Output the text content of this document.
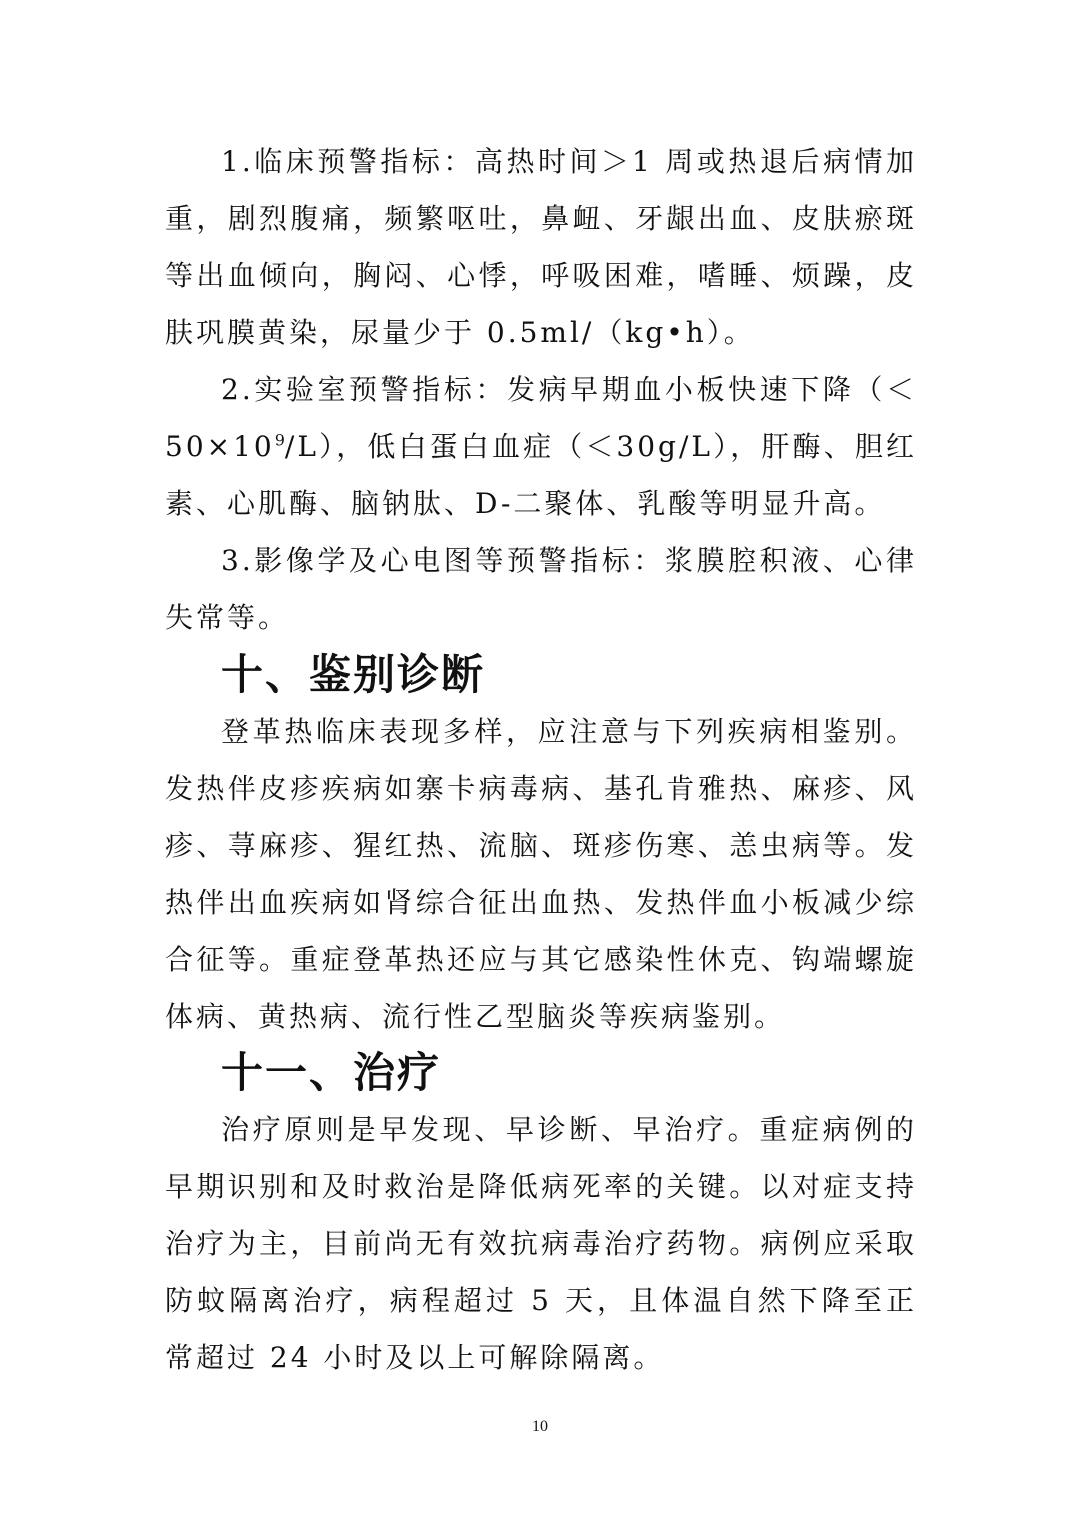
1.临床预警指标：高热时间＞1 周或热退后病情加重，剧烈腹痛，频繁呕吐，鼻衄、牙龈出血、皮肤瘀斑等出血倾向，胸闷、心悸，呼吸困难，嗜睡、烦躁，皮肤巩膜黄染，尿量少于 0.5ml/（kg•h）。

2.实验室预警指标：发病早期血小板快速下降$(<50\times 10^9/L)$，低白蛋白血症（＜30g/L），肝酶、胆红素、心肌酶、脑钠肽、D-二聚体、乳酸等明显升高。

3.影像学及心电图等预警指标：浆膜腔积液、心律失常等。

十、鉴别诊断

登革热临床表现多样，应注意与下列疾病相鉴别。发热伴皮疹疾病如寨卡病毒病、基孔肯雅热、麻疹、风疹、荨麻疹、猩红热、流脑、斑疹伤寒、恙虫病等。发热伴出血疾病如肾综合征出血热、发热伴血小板减少综合征等。重症登革热还应与其它感染性休克、钩端螺旋体病、黄热病、流行性乙型脑炎等疾病鉴别。

十一、治疗

治疗原则是早发现、早诊断、早治疗。重症病例的早期识别和及时救治是降低病死率的关键。以对症支持治疗为主，目前尚无有效抗病毒治疗药物。病例应采取防蚊隔离治疗，病程超过 5 天，且体温自然下降至正常超过 24 小时及以上可解除隔离。

10
